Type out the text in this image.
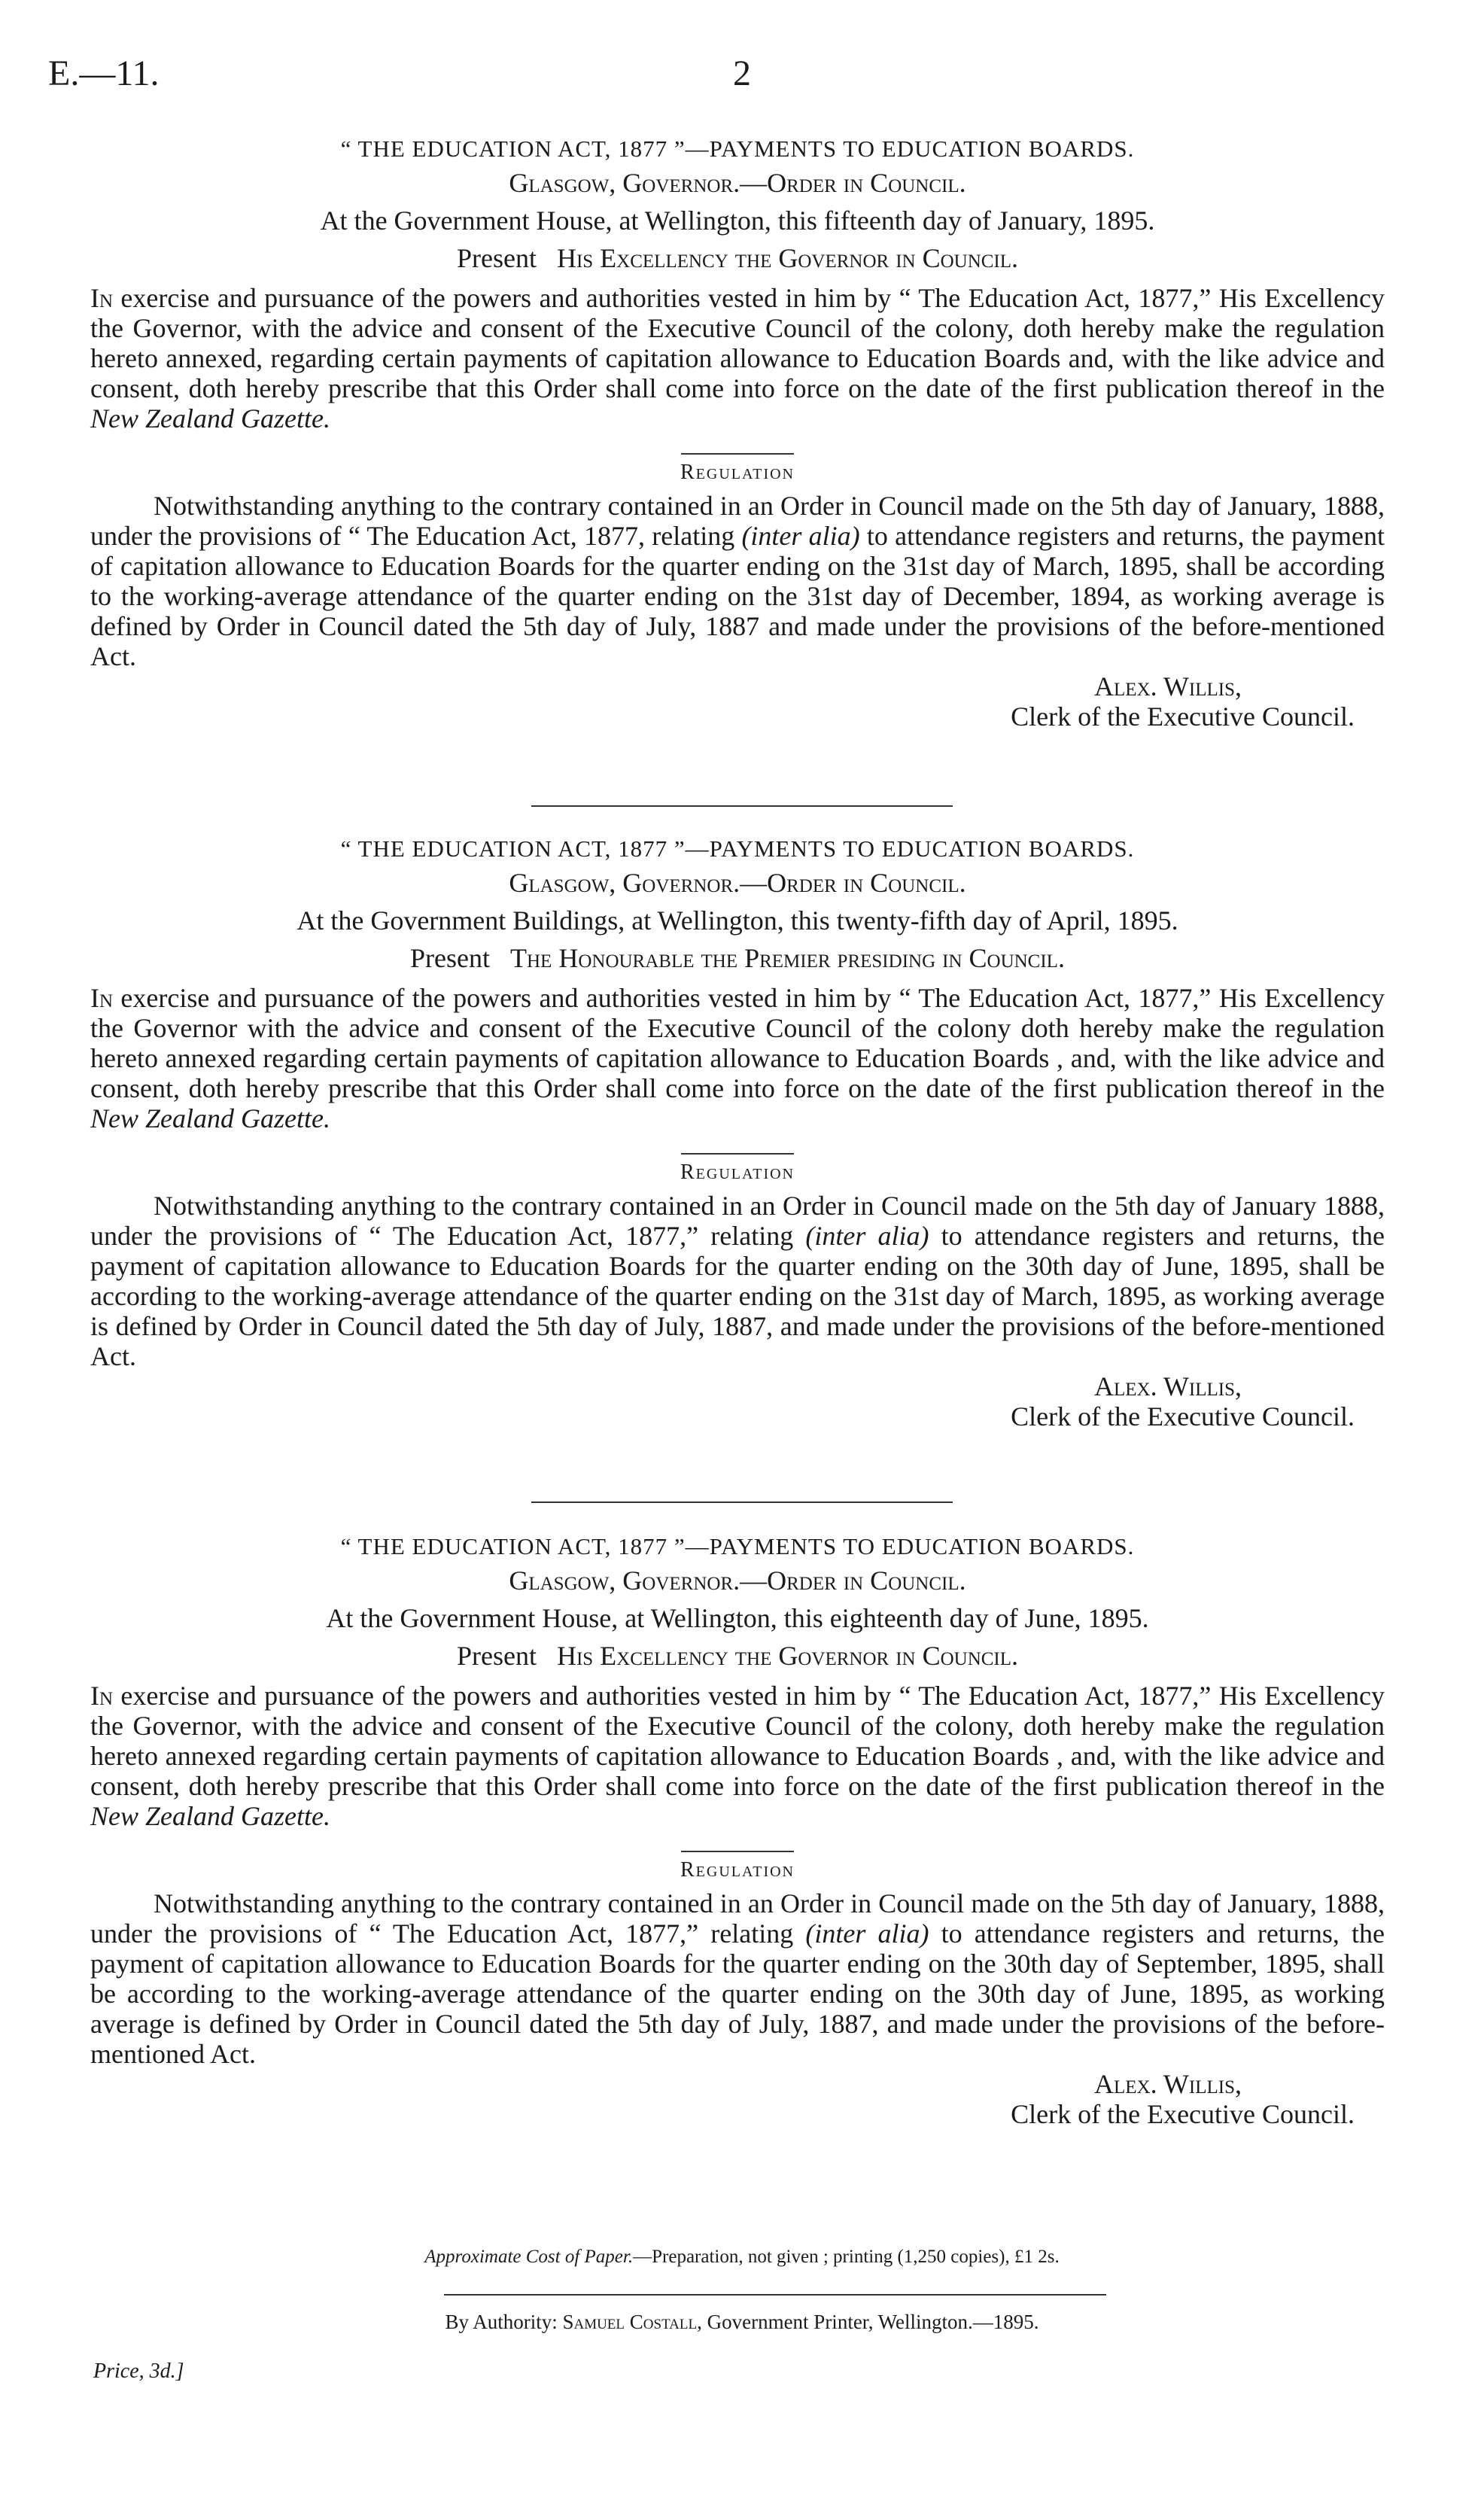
E.—11.	2

“ THE EDUCATION ACT, 1877 ”—PAYMENTS TO EDUCATION BOARDS.

Glasgow, Governor.—Order in Council.

At the Government House, at Wellington, this fifteenth day of January, 1895.

Present His Excellency the Governor in Council.

In exercise and pursuance of the powers and authorities vested in him by “ The Education Act, 1877,” His Excellency the Governor, with the advice and consent of the Executive Council of the colony, doth hereby make the regulation hereto annexed, regarding certain payments of capitation allowance to Education Boards and, with the like advice and consent, doth hereby prescribe that this Order shall come into force on the date of the first publication thereof in the New Zealand Gazette.

Regulation

Notwithstanding anything to the contrary contained in an Order in Council made on the 5th day of January, 1888, under the provisions of “ The Education Act, 1877, relating (inter alia) to attendance registers and returns, the payment of capitation allowance to Education Boards for the quarter ending on the 31st day of March, 1895, shall be according to the working-average attendance of the quarter ending on the 31st day of December, 1894, as working average is defined by Order in Council dated the 5th day of July, 1887 and made under the provisions of the before-mentioned Act.

Alex. Willis,
Clerk of the Executive Council.

“ THE EDUCATION ACT, 1877 ”—PAYMENTS TO EDUCATION BOARDS.

Glasgow, Governor.—Order in Council.

At the Government Buildings, at Wellington, this twenty-fifth day of April, 1895.

Present The Honourable the Premier presiding in Council.

In exercise and pursuance of the powers and authorities vested in him by “ The Education Act, 1877,” His Excellency the Governor with the advice and consent of the Executive Council of the colony doth hereby make the regulation hereto annexed regarding certain payments of capitation allowance to Education Boards , and, with the like advice and consent, doth hereby prescribe that this Order shall come into force on the date of the first publication thereof in the New Zealand Gazette.

Regulation

Notwithstanding anything to the contrary contained in an Order in Council made on the 5th day of January 1888, under the provisions of “ The Education Act, 1877,” relating (inter alia) to attendance registers and returns, the payment of capitation allowance to Education Boards for the quarter ending on the 30th day of June, 1895, shall be according to the working-average attendance of the quarter ending on the 31st day of March, 1895, as working average is defined by Order in Council dated the 5th day of July, 1887, and made under the provisions of the before-mentioned Act.

Alex. Willis,
Clerk of the Executive Council.

“ THE EDUCATION ACT, 1877 ”—PAYMENTS TO EDUCATION BOARDS.

Glasgow, Governor.—Order in Council.

At the Government House, at Wellington, this eighteenth day of June, 1895.

Present His Excellency the Governor in Council.

In exercise and pursuance of the powers and authorities vested in him by “ The Education Act, 1877,” His Excellency the Governor, with the advice and consent of the Executive Council of the colony, doth hereby make the regulation hereto annexed regarding certain payments of capitation allowance to Education Boards , and, with the like advice and consent, doth hereby prescribe that this Order shall come into force on the date of the first publication thereof in the New Zealand Gazette.

Regulation

Notwithstanding anything to the contrary contained in an Order in Council made on the 5th day of January, 1888, under the provisions of “ The Education Act, 1877,” relating (inter alia) to attendance registers and returns, the payment of capitation allowance to Education Boards for the quarter ending on the 30th day of September, 1895, shall be according to the working-average attendance of the quarter ending on the 30th day of June, 1895, as working average is defined by Order in Council dated the 5th day of July, 1887, and made under the provisions of the before-mentioned Act.

Alex. Willis,
Clerk of the Executive Council.
Approximate Cost of Paper.—Preparation, not given ; printing (1,250 copies), £1 2s.
By Authority: Samuel Costall, Government Printer, Wellington.—1895.
Price, 3d.]
